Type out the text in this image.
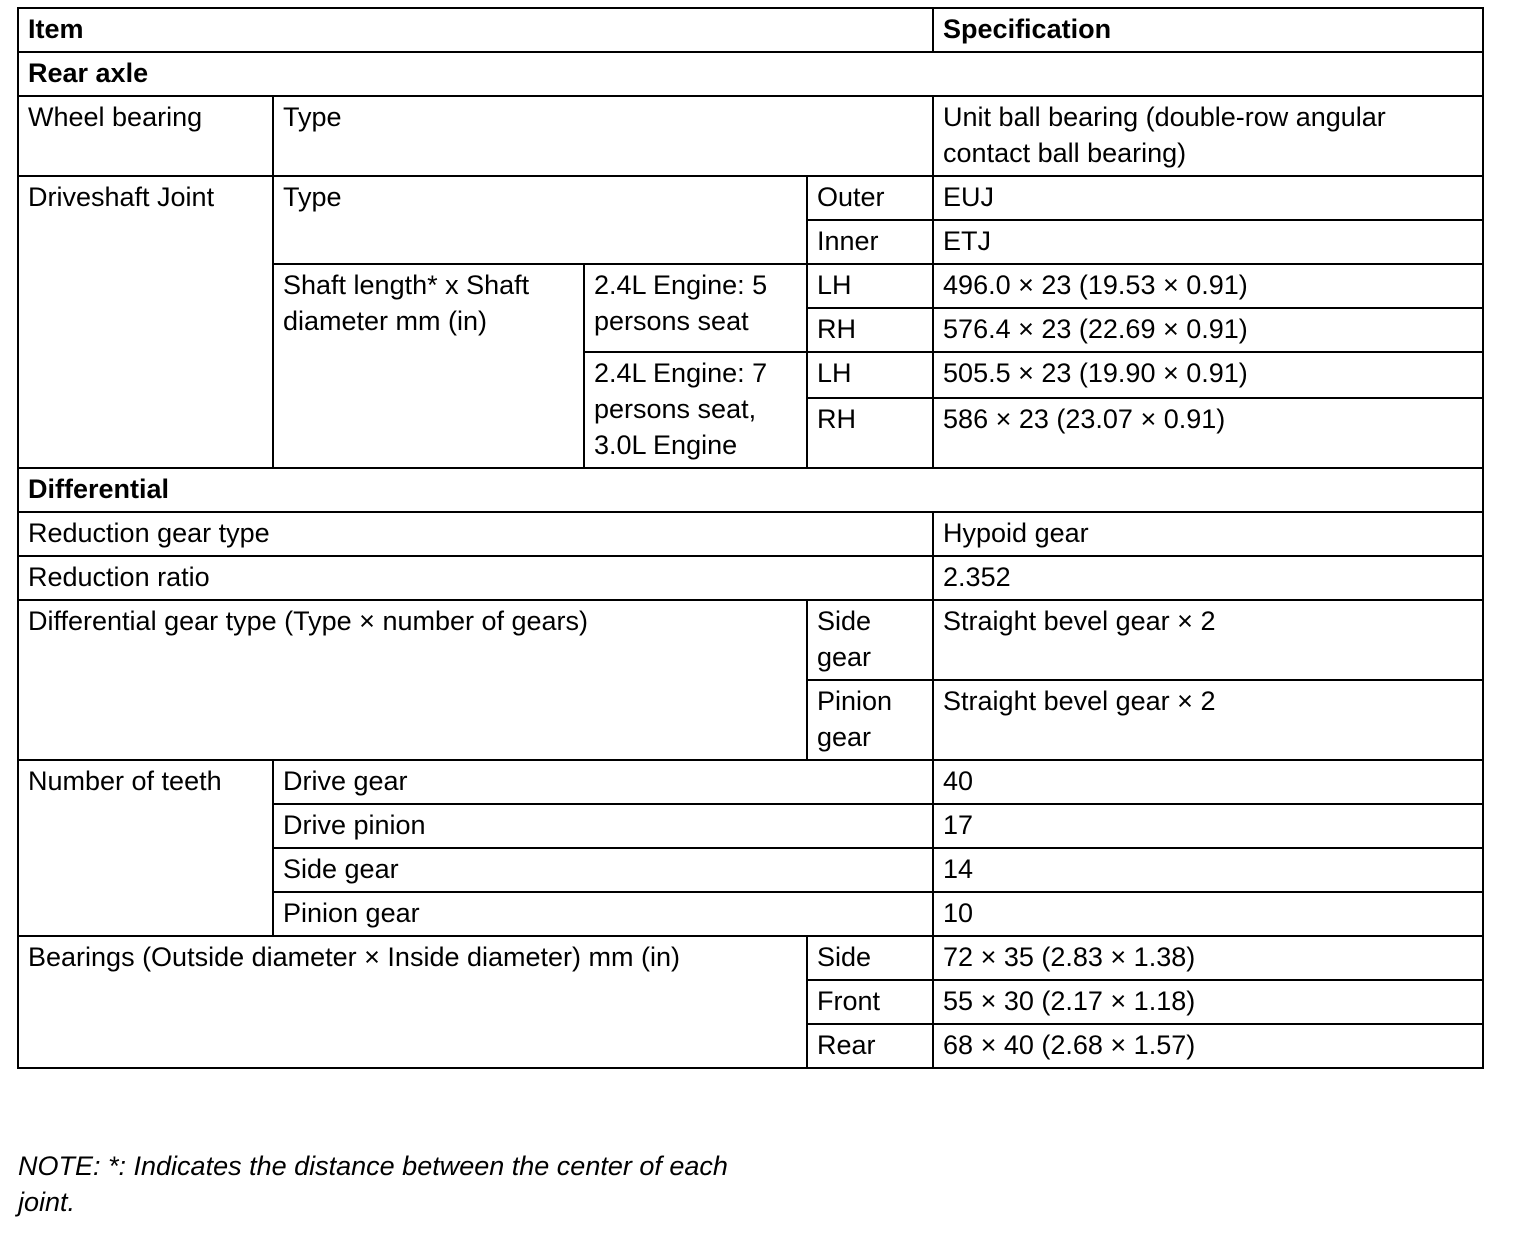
Item				Specification
Rear axle				
Wheel bearing	Type			Unit ball bearing (double-row angular contact ball bearing)
Driveshaft Joint	Type		Outer	EUJ
			Inner	ETJ
	Shaft length* x Shaft diameter mm (in)	2.4L Engine: 5 persons seat	LH	496.0 × 23 (19.53 × 0.91)
			RH	576.4 × 23 (22.69 × 0.91)
		2.4L Engine: 7 persons seat, 3.0L Engine	LH	505.5 × 23 (19.90 × 0.91)
			RH	586 × 23 (23.07 × 0.91)
Differential				
Reduction gear type				Hypoid gear
Reduction ratio				2.352
Differential gear type (Type × number of gears)			Side gear	Straight bevel gear × 2
			Pinion gear	Straight bevel gear × 2
Number of teeth	Drive gear			40
	Drive pinion			17
	Side gear			14
	Pinion gear			10
Bearings (Outside diameter × Inside diameter) mm (in)			Side	72 × 35 (2.83 × 1.38)
			Front	55 × 30 (2.17 × 1.18)
			Rear	68 × 40 (2.68 × 1.57)
NOTE: *: Indicates the distance between the center of each joint.
